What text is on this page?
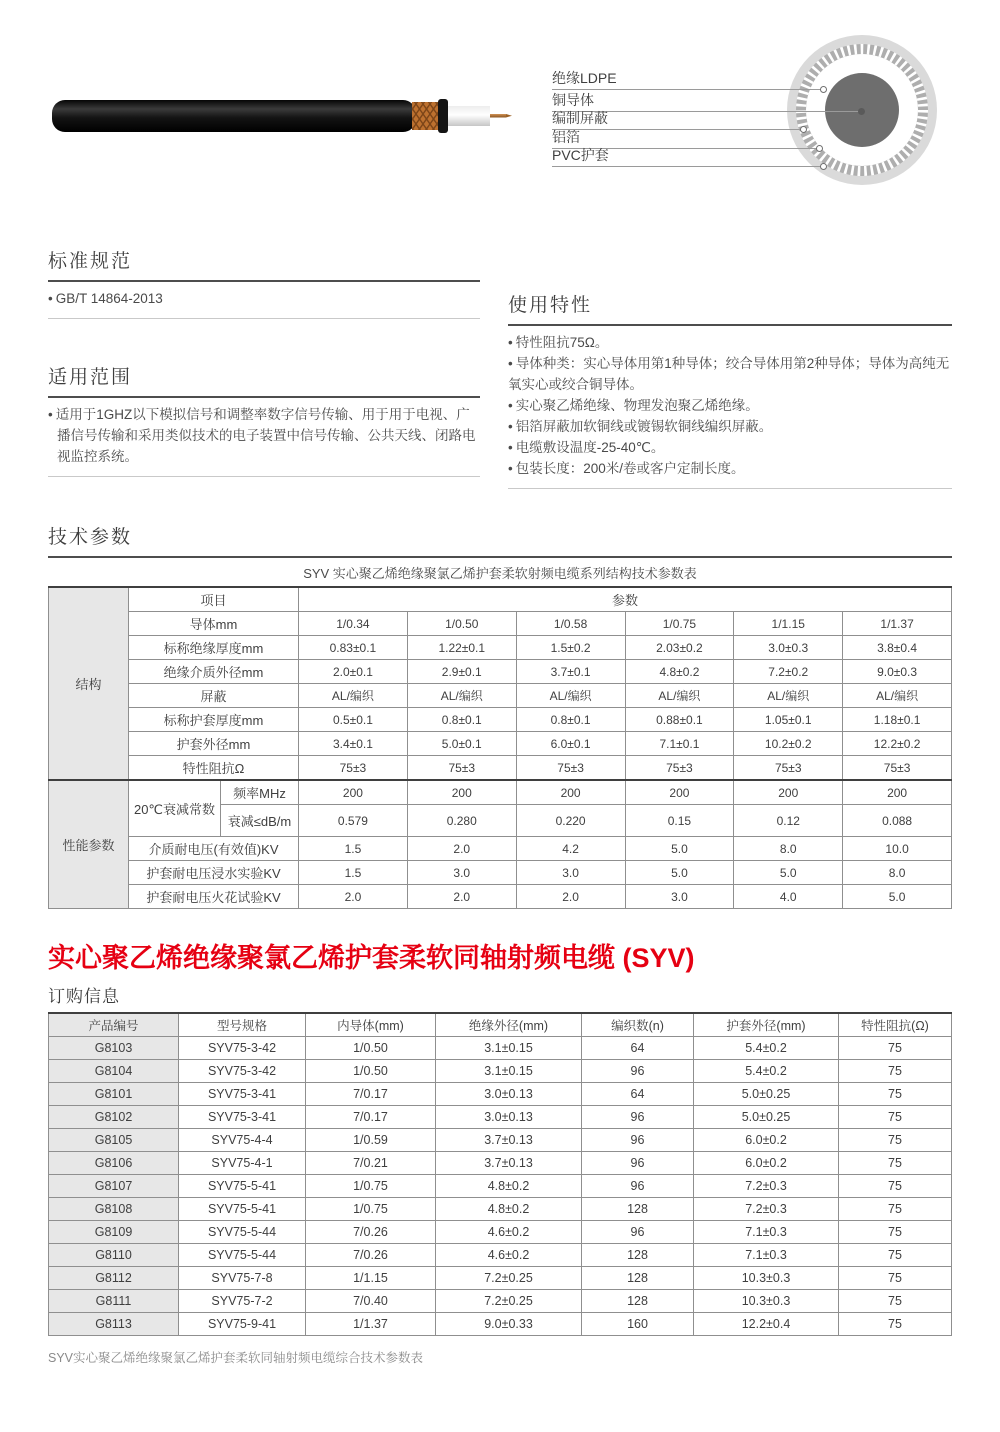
绝缘LDPE
铜导体
编制屏蔽
铝箔
PVC护套
标准规范

• GB/T 14864-2013	使用特性

• 特性阻抗75Ω。

• 导体种类：实心导体用第1种导体；绞合导体用第2种导体；导体为高纯无氧实心或绞合铜导体。

• 实心聚乙烯绝缘、物理发泡聚乙烯绝缘。

• 铝箔屏蔽加软铜线或镀锡软铜线编织屏蔽。

• 电缆敷设温度-25-40℃。

• 包装长度：200米/卷或客户定制长度。

适用范围

• 适用于1GHZ以下模拟信号和调整率数字信号传输、用于用于电视、广播信号传输和采用类似技术的电子装置中信号传输、公共天线、闭路电视监控系统。

技术参数
SYV 实心聚乙烯绝缘聚氯乙烯护套柔软射频电缆系列结构技术参数表
结构	项目		参数					
	导体mm		1/0.34	1/0.50	1/0.58	1/0.75	1/1.15	1/1.37
	标称绝缘厚度mm		0.83±0.1	1.22±0.1	1.5±0.2	2.03±0.2	3.0±0.3	3.8±0.4
	绝缘介质外径mm		2.0±0.1	2.9±0.1	3.7±0.1	4.8±0.2	7.2±0.2	9.0±0.3
	屏蔽		AL/编织	AL/编织	AL/编织	AL/编织	AL/编织	AL/编织
	标称护套厚度mm		0.5±0.1	0.8±0.1	0.8±0.1	0.88±0.1	1.05±0.1	1.18±0.1
	护套外径mm		3.4±0.1	5.0±0.1	6.0±0.1	7.1±0.1	10.2±0.2	12.2±0.2
	特性阻抗Ω		75±3	75±3	75±3	75±3	75±3	75±3
性能参数	20℃衰减常数	频率MHz	200	200	200	200	200	200
		衰减≤dB/m	0.579	0.280	0.220	0.15	0.12	0.088
	介质耐电压(有效值)KV		1.5	2.0	4.2	5.0	8.0	10.0
	护套耐电压浸水实验KV		1.5	3.0	3.0	5.0	5.0	8.0
	护套耐电压火花试验KV		2.0	2.0	2.0	3.0	4.0	5.0
实心聚乙烯绝缘聚氯乙烯护套柔软同轴射频电缆 (SYV)
订购信息
产品编号	型号规格	内导体(mm)	绝缘外径(mm)	编织数(n)	护套外径(mm)	特性阻抗(Ω)
G8103	SYV75-3-42	1/0.50	3.1±0.15	64	5.4±0.2	75
G8104	SYV75-3-42	1/0.50	3.1±0.15	96	5.4±0.2	75
G8101	SYV75-3-41	7/0.17	3.0±0.13	64	5.0±0.25	75
G8102	SYV75-3-41	7/0.17	3.0±0.13	96	5.0±0.25	75
G8105	SYV75-4-4	1/0.59	3.7±0.13	96	6.0±0.2	75
G8106	SYV75-4-1	7/0.21	3.7±0.13	96	6.0±0.2	75
G8107	SYV75-5-41	1/0.75	4.8±0.2	96	7.2±0.3	75
G8108	SYV75-5-41	1/0.75	4.8±0.2	128	7.2±0.3	75
G8109	SYV75-5-44	7/0.26	4.6±0.2	96	7.1±0.3	75
G8110	SYV75-5-44	7/0.26	4.6±0.2	128	7.1±0.3	75
G8112	SYV75-7-8	1/1.15	7.2±0.25	128	10.3±0.3	75
G8111	SYV75-7-2	7/0.40	7.2±0.25	128	10.3±0.3	75
G8113	SYV75-9-41	1/1.37	9.0±0.33	160	12.2±0.4	75
SYV实心聚乙烯绝缘聚氯乙烯护套柔软同轴射频电缆综合技术参数表
